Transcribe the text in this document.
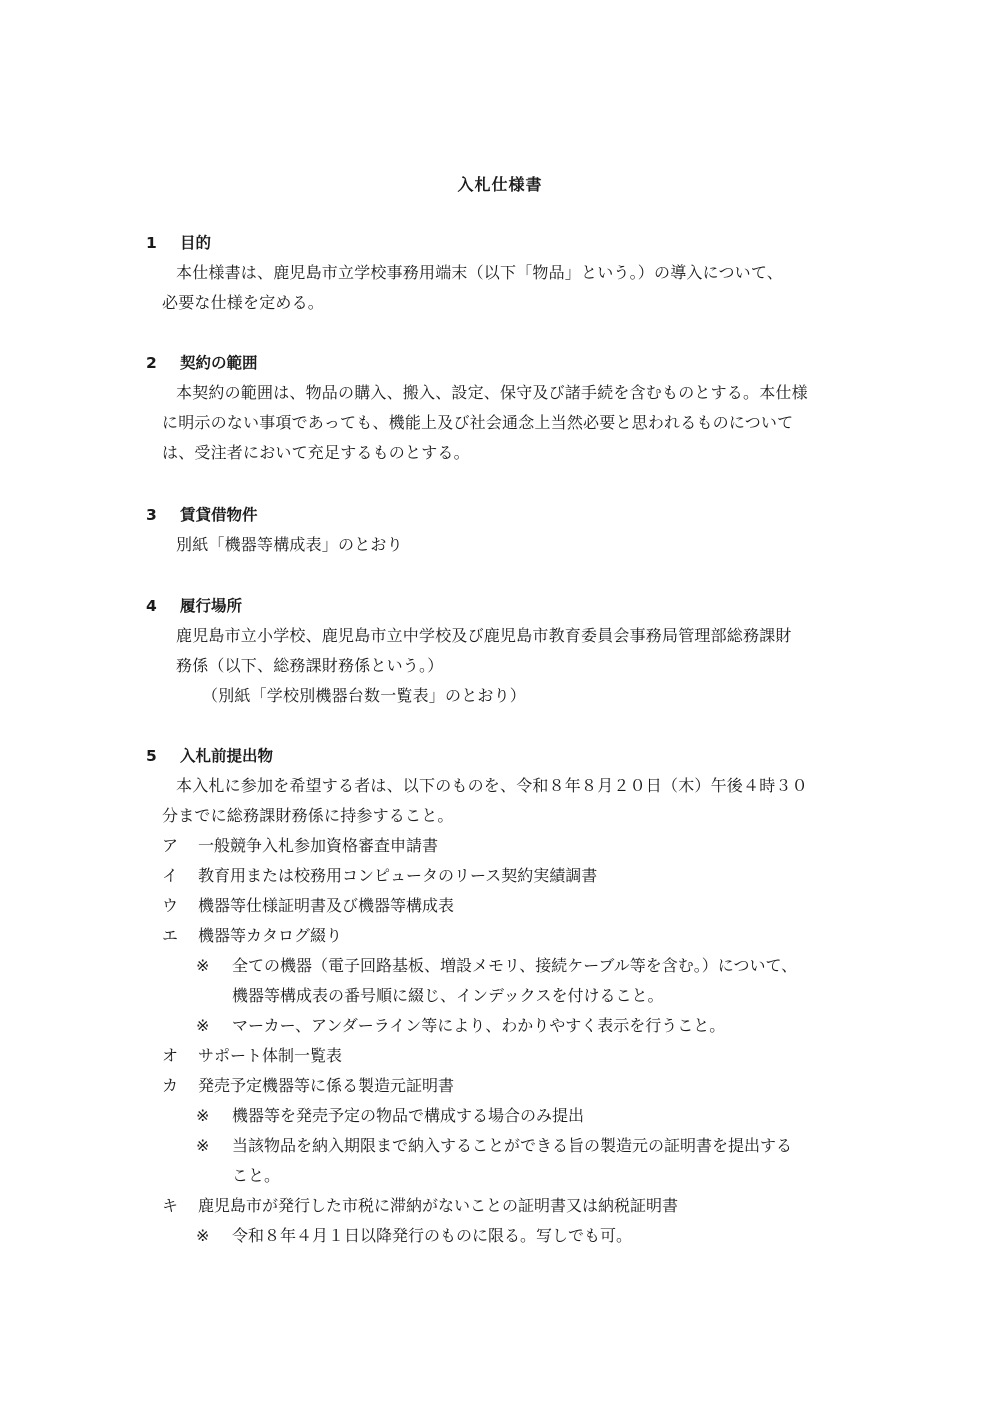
入札仕様書
1 目的
本仕様書は、鹿児島市立学校事務用端末（以下「物品」という。）の導入について、
必要な仕様を定める。
2 契約の範囲
本契約の範囲は、物品の購入、搬入、設定、保守及び諸手続を含むものとする。本仕様
に明示のない事項であっても、機能上及び社会通念上当然必要と思われるものについて
は、受注者において充足するものとする。
3 賃貸借物件
別紙「機器等構成表」のとおり
4 履行場所
鹿児島市立小学校、鹿児島市立中学校及び鹿児島市教育委員会事務局管理部総務課財
務係（以下、総務課財務係という。）
（別紙「学校別機器台数一覧表」のとおり）
5 入札前提出物
本入札に参加を希望する者は、以下のものを、令和８年８月２０日（木）午後４時３０
分までに総務課財務係に持参すること。
ア 一般競争入札参加資格審査申請書
イ 教育用または校務用コンピュータのリース契約実績調書
ウ 機器等仕様証明書及び機器等構成表
エ 機器等カタログ綴り
※ 全ての機器（電子回路基板、増設メモリ、接続ケーブル等を含む。）について、
機器等構成表の番号順に綴じ、インデックスを付けること。
※ マーカー、アンダーライン等により、わかりやすく表示を行うこと。
オ サポート体制一覧表
カ 発売予定機器等に係る製造元証明書
※ 機器等を発売予定の物品で構成する場合のみ提出
※ 当該物品を納入期限まで納入することができる旨の製造元の証明書を提出する
こと。
キ 鹿児島市が発行した市税に滞納がないことの証明書又は納税証明書
※ 令和８年４月１日以降発行のものに限る。写しでも可。
